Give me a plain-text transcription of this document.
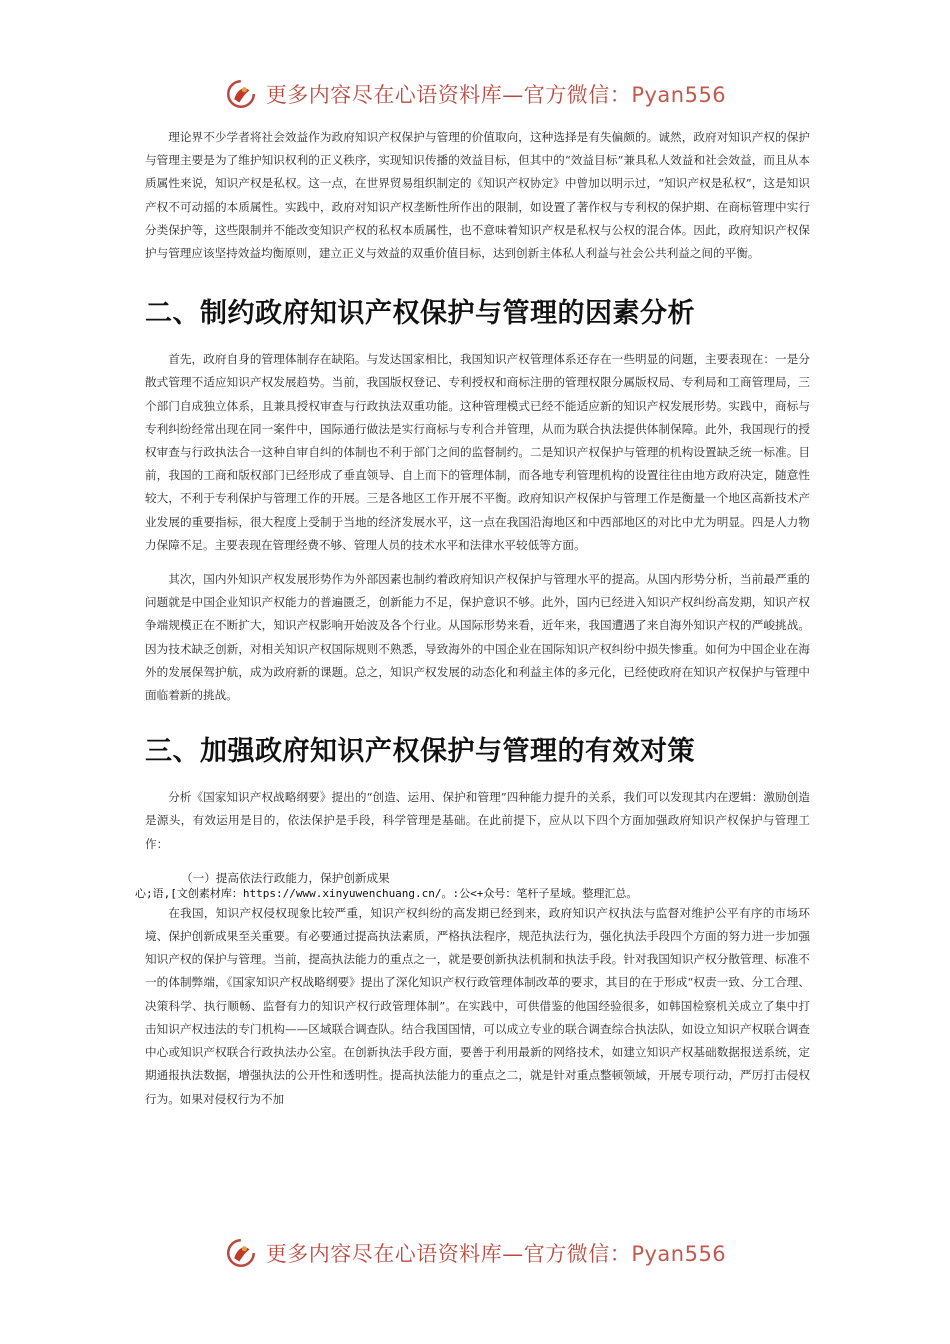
更多内容尽在心语资料库—官方微信：Pyan556

理论界不少学者将社会效益作为政府知识产权保护与管理的价值取向，这种选择是有失偏颇的。诚然，政府对知识产权的保护与管理主要是为了维护知识权利的正义秩序，实现知识传播的效益目标，但其中的“效益目标”兼具私人效益和社会效益，而且从本质属性来说，知识产权是私权。这一点，在世界贸易组织制定的《知识产权协定》中曾加以明示过，“知识产权是私权”，这是知识产权不可动摇的本质属性。实践中，政府对知识产权垄断性所作出的限制，如设置了著作权与专利权的保护期、在商标管理中实行分类保护等，这些限制并不能改变知识产权的私权本质属性，也不意味着知识产权是私权与公权的混合体。因此，政府知识产权保护与管理应该坚持效益均衡原则，建立正义与效益的双重价值目标，达到创新主体私人利益与社会公共利益之间的平衡。

二、制约政府知识产权保护与管理的因素分析

首先，政府自身的管理体制存在缺陷。与发达国家相比，我国知识产权管理体系还存在一些明显的问题，主要表现在：一是分散式管理不适应知识产权发展趋势。当前，我国版权登记、专利授权和商标注册的管理权限分属版权局、专利局和工商管理局，三个部门自成独立体系，且兼具授权审查与行政执法双重功能。这种管理模式已经不能适应新的知识产权发展形势。实践中，商标与专利纠纷经常出现在同一案件中，国际通行做法是实行商标与专利合并管理，从而为联合执法提供体制保障。此外，我国现行的授权审查与行政执法合一这种自审自纠的体制也不利于部门之间的监督制约。二是知识产权保护与管理的机构设置缺乏统一标准。目前，我国的工商和版权部门已经形成了垂直领导、自上而下的管理体制，而各地专利管理机构的设置往往由地方政府决定，随意性较大，不利于专利保护与管理工作的开展。三是各地区工作开展不平衡。政府知识产权保护与管理工作是衡量一个地区高新技术产业发展的重要指标，很大程度上受制于当地的经济发展水平，这一点在我国沿海地区和中西部地区的对比中尤为明显。四是人力物力保障不足。主要表现在管理经费不够、管理人员的技术水平和法律水平较低等方面。

其次，国内外知识产权发展形势作为外部因素也制约着政府知识产权保护与管理水平的提高。从国内形势分析，当前最严重的问题就是中国企业知识产权能力的普遍匮乏，创新能力不足，保护意识不够。此外，国内已经进入知识产权纠纷高发期，知识产权争端规模正在不断扩大，知识产权影响开始波及各个行业。从国际形势来看，近年来，我国遭遇了来自海外知识产权的严峻挑战。因为技术缺乏创新，对相关知识产权国际规则不熟悉，导致海外的中国企业在国际知识产权纠纷中损失惨重。如何为中国企业在海外的发展保驾护航，成为政府新的课题。总之，知识产权发展的动态化和利益主体的多元化，已经使政府在知识产权保护与管理中面临着新的挑战。

三、加强政府知识产权保护与管理的有效对策

分析《国家知识产权战略纲要》提出的“创造、运用、保护和管理”四种能力提升的关系，我们可以发现其内在逻辑：激励创造是源头，有效运用是目的，依法保护是手段，科学管理是基础。在此前提下，应从以下四个方面加强政府知识产权保护与管理工作：

（一）提高依法行政能力，保护创新成果

心;语,[文创素材库：https://www.xinyuwenchuang.cn/。:公<+众号：笔杆子星域。整理汇总。

在我国，知识产权侵权现象比较严重，知识产权纠纷的高发期已经到来，政府知识产权执法与监督对维护公平有序的市场环境、保护创新成果至关重要。有必要通过提高执法素质，严格执法程序，规范执法行为，强化执法手段四个方面的努力进一步加强知识产权的保护与管理。当前，提高执法能力的重点之一，就是要创新执法机制和执法手段。针对我国知识产权分散管理、标准不一的体制弊端，《国家知识产权战略纲要》提出了深化知识产权行政管理体制改革的要求，其目的在于形成“权责一致、分工合理、决策科学、执行顺畅、监督有力的知识产权行政管理体制”。在实践中，可供借鉴的他国经验很多，如韩国检察机关成立了集中打击知识产权违法的专门机构——区域联合调查队。结合我国国情，可以成立专业的联合调查综合执法队，如设立知识产权联合调查中心或知识产权联合行政执法办公室。在创新执法手段方面，要善于利用最新的网络技术，如建立知识产权基础数据报送系统，定期通报执法数据，增强执法的公开性和透明性。提高执法能力的重点之二，就是针对重点整顿领域，开展专项行动，严厉打击侵权行为。如果对侵权行为不加

更多内容尽在心语资料库—官方微信：Pyan556
